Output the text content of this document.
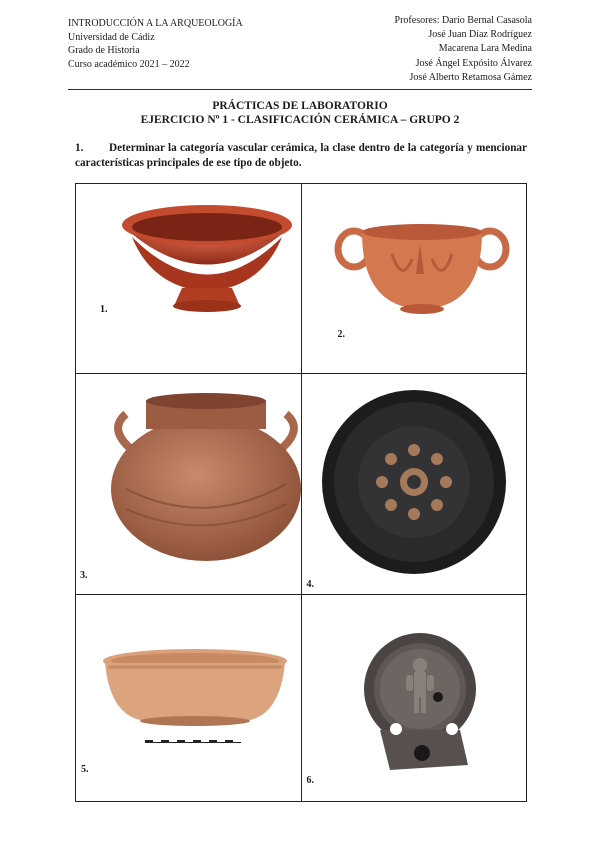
INTRODUCCIÓN A LA ARQUEOLOGÍA
Universidad de Cádiz
Grado de Historia
Curso académico 2021 – 2022
Profesores: Darío Bernal Casasola
José Juan Díaz Rodríguez
Macarena Lara Medina
José Ángel Expósito Álvarez
José Alberto Retamosa Gámez
PRÁCTICAS DE LABORATORIO
EJERCICIO Nº 1 - CLASIFICACIÓN CERÁMICA – GRUPO 2
1. Determinar la categoría vascular cerámica, la clase dentro de la categoría y mencionar características principales de ese tipo de objeto.
1.	2.

3.	4.

5.	6.
